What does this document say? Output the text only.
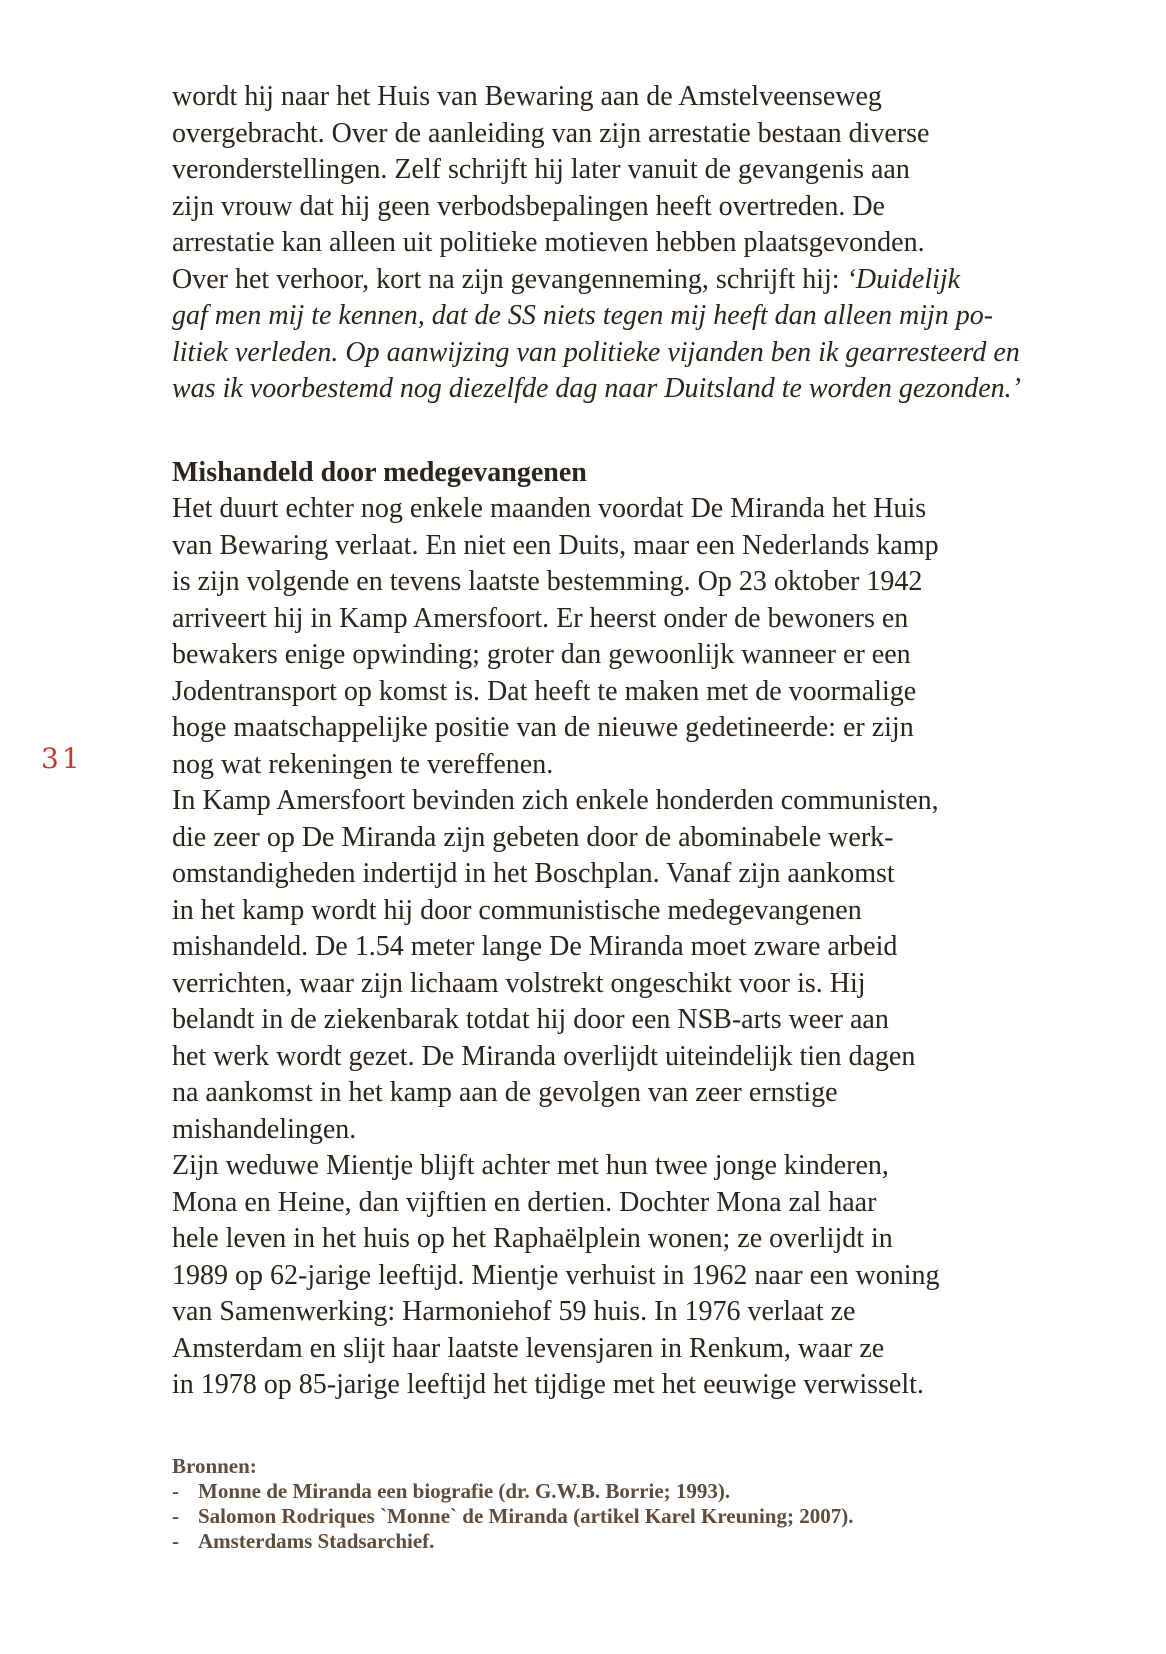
31
wordt hij naar het Huis van Bewaring aan de Amstelveenseweg
overgebracht. Over de aanleiding van zijn arrestatie bestaan diverse
veronderstellingen. Zelf schrijft hij later vanuit de gevangenis aan
zijn vrouw dat hij geen verbodsbepalingen heeft overtreden. De
arrestatie kan alleen uit politieke motieven hebben plaatsgevonden.
Over het verhoor, kort na zijn gevangenneming, schrijft hij: ‘Duidelijk
gaf men mij te kennen, dat de SS niets tegen mij heeft dan alleen mijn po-
litiek verleden. Op aanwijzing van politieke vijanden ben ik gearresteerd en
was ik voorbestemd nog diezelfde dag naar Duitsland te worden gezonden.’
Mishandeld door medegevangenen
Het duurt echter nog enkele maanden voordat De Miranda het Huis
van Bewaring verlaat. En niet een Duits, maar een Nederlands kamp
is zijn volgende en tevens laatste bestemming. Op 23 oktober 1942
arriveert hij in Kamp Amersfoort. Er heerst onder de bewoners en
bewakers enige opwinding; groter dan gewoonlijk wanneer er een
Jodentransport op komst is. Dat heeft te maken met de voormalige
hoge maatschappelijke positie van de nieuwe gedetineerde: er zijn
nog wat rekeningen te vereffenen.
In Kamp Amersfoort bevinden zich enkele honderden communisten,
die zeer op De Miranda zijn gebeten door de abominabele werk-
omstandigheden indertijd in het Boschplan. Vanaf zijn aankomst
in het kamp wordt hij door communistische medegevangenen
mishandeld. De 1.54 meter lange De Miranda moet zware arbeid
verrichten, waar zijn lichaam volstrekt ongeschikt voor is. Hij
belandt in de ziekenbarak totdat hij door een NSB-arts weer aan
het werk wordt gezet. De Miranda overlijdt uiteindelijk tien dagen
na aankomst in het kamp aan de gevolgen van zeer ernstige
mishandelingen.
Zijn weduwe Mientje blijft achter met hun twee jonge kinderen,
Mona en Heine, dan vijftien en dertien. Dochter Mona zal haar
hele leven in het huis op het Raphaëlplein wonen; ze overlijdt in
1989 op 62-jarige leeftijd. Mientje verhuist in 1962 naar een woning
van Samenwerking: Harmoniehof 59 huis. In 1976 verlaat ze
Amsterdam en slijt haar laatste levensjaren in Renkum, waar ze
in 1978 op 85-jarige leeftijd het tijdige met het eeuwige verwisselt.
Bronnen:
- Monne de Miranda een biografie (dr. G.W.B. Borrie; 1993).
- Salomon Rodriques `Monne` de Miranda (artikel Karel Kreuning; 2007).
- Amsterdams Stadsarchief.
